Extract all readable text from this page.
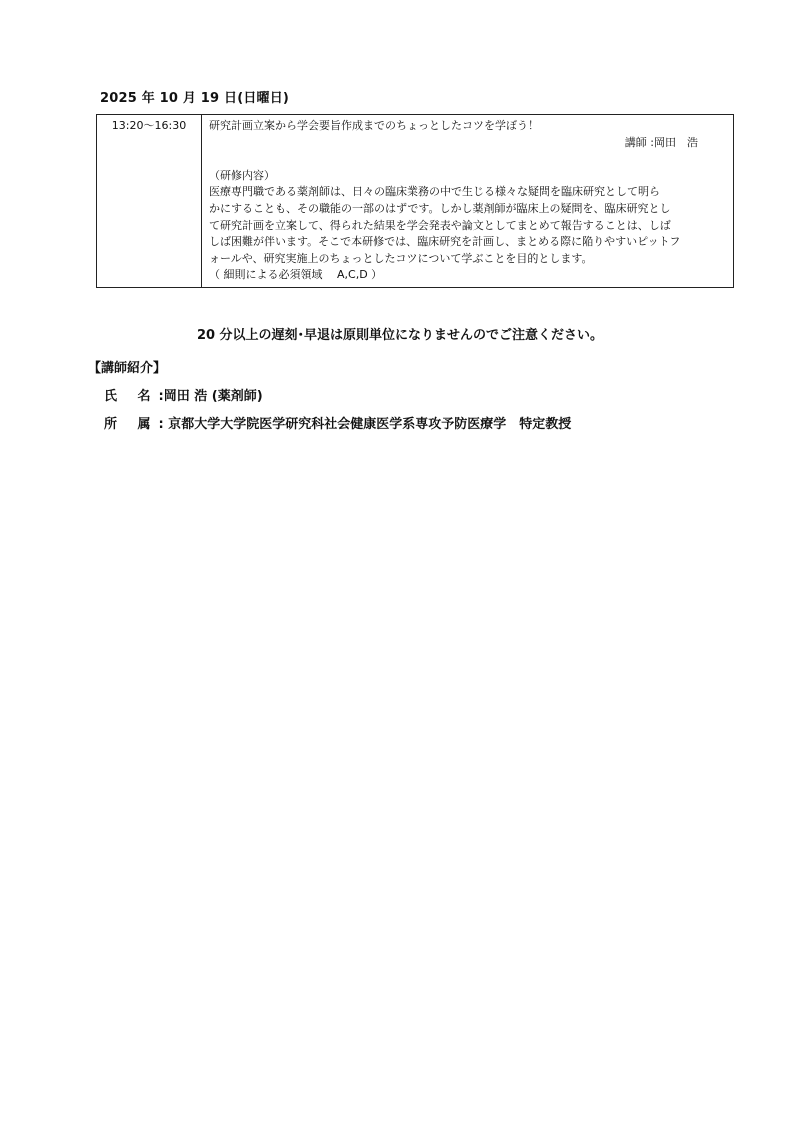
2025 年 10 月 19 日(日曜日)
13:20～16:30	研究計画立案から学会要旨作成までのちょっとしたコツを学ぼう！
講師 :岡田　浩
（研修内容）
医療専門職である薬剤師は、日々の臨床業務の中で生じる様々な疑問を臨床研究として明ら
かにすることも、その職能の一部のはずです。しかし薬剤師が臨床上の疑問を、臨床研究とし
て研究計画を立案して、得られた結果を学会発表や論文としてまとめて報告することは、しば
しば困難が伴います。そこで本研修では、臨床研究を計画し、まとめる際に陥りやすいピットフ
ォールや、研究実施上のちょっとしたコツについて学ぶことを目的とします。
（ 細則による必須領域　 A,C,D ）
20 分以上の遅刻･早退は原則単位になりませんのでご注意ください。
【講師紹介】
氏 名:岡田 浩 (薬剤師)
所 属: 京都大学大学院医学研究科社会健康医学系専攻予防医療学　特定教授
